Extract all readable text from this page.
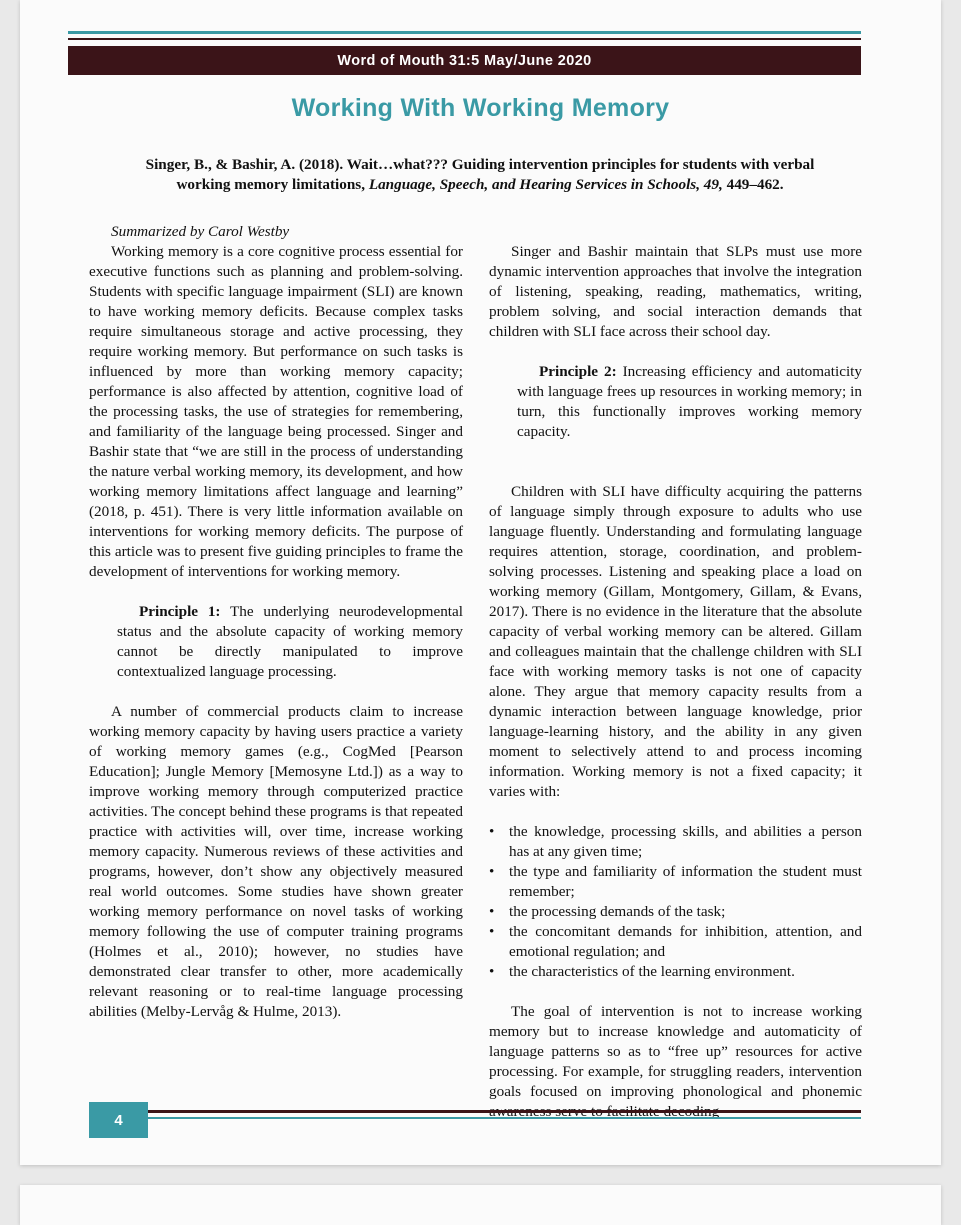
Word of Mouth 31:5 May/June 2020
Working With Working Memory
Singer, B., & Bashir, A. (2018). Wait…what??? Guiding intervention principles for students with verbal working memory limitations, Language, Speech, and Hearing Services in Schools, 49, 449–462.

Summarized by Carol Westby

Working memory is a core cognitive process essential for executive functions such as planning and problem-solving. Students with specific language impairment (SLI) are known to have working memory deficits. Because complex tasks require simultaneous storage and active processing, they require working memory. But performance on such tasks is influenced by more than working memory capacity; performance is also affected by attention, cognitive load of the processing tasks, the use of strategies for remembering, and familiarity of the language being processed. Singer and Bashir state that “we are still in the process of understanding the nature verbal working memory, its development, and how working memory limitations affect language and learning” (2018, p. 451). There is very little information available on interventions for working memory deficits. The purpose of this article was to present five guiding principles to frame the development of interventions for working memory.

Principle 1: The underlying neurodevelopmental status and the absolute capacity of working memory cannot be directly manipulated to improve contextualized language processing.

A number of commercial products claim to increase working memory capacity by having users practice a variety of working memory games (e.g., CogMed [Pearson Education]; Jungle Memory [Memosyne Ltd.]) as a way to improve working memory through computerized practice activities. The concept behind these programs is that repeated practice with activities will, over time, increase working memory capacity. Numerous reviews of these activities and programs, however, don’t show any objectively measured real world outcomes. Some studies have shown greater working memory performance on novel tasks of working memory following the use of computer training programs (Holmes et al., 2010); however, no studies have demonstrated clear transfer to other, more academically relevant reasoning or to real-time language processing abilities (Melby-Lervåg & Hulme, 2013).

Singer and Bashir maintain that SLPs must use more dynamic intervention approaches that involve the integration of listening, speaking, reading, mathematics, writing, problem solving, and social interaction demands that children with SLI face across their school day.

Principle 2: Increasing efficiency and automaticity with language frees up resources in working memory; in turn, this functionally improves working memory capacity.

Children with SLI have difficulty acquiring the patterns of language simply through exposure to adults who use language fluently. Understanding and formulating language requires attention, storage, coordination, and problem-solving processes. Listening and speaking place a load on working memory (Gillam, Montgomery, Gillam, & Evans, 2017). There is no evidence in the literature that the absolute capacity of verbal working memory can be altered. Gillam and colleagues maintain that the challenge children with SLI face with working memory tasks is not one of capacity alone. They argue that memory capacity results from a dynamic interaction between language knowledge, prior language-learning history, and the ability in any given moment to selectively attend to and process incoming information. Working memory is not a fixed capacity; it varies with:

• the knowledge, processing skills, and abilities a person has at any given time;
• the type and familiarity of information the student must remember;
• the processing demands of the task;
• the concomitant demands for inhibition, attention, and emotional regulation; and
• the characteristics of the learning environment.

The goal of intervention is not to increase working memory but to increase knowledge and automaticity of language patterns so as to “free up” resources for active processing. For example, for struggling readers, intervention goals focused on improving phonological and phonemic

4
